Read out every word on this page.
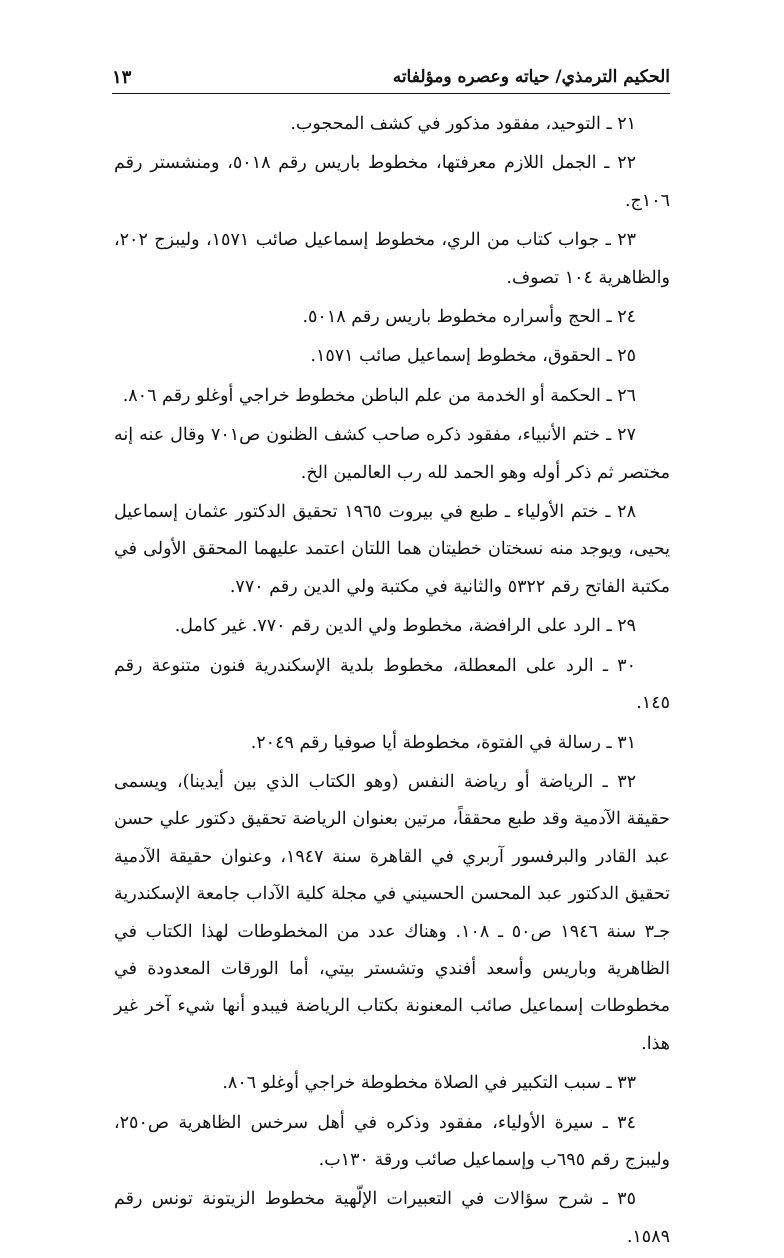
الحكيم الترمذي/ حياته وعصره ومؤلفاته
١٣
٢١ ـ التوحيد، مفقود مذكور في كشف المحجوب.
٢٢ ـ الجمل اللازم معرفتها، مخطوط باريس رقم ٥٠١٨، ومنشستر رقم ١٠٦ج.
٢٣ ـ جواب كتاب من الري، مخطوط إسماعيل صائب ١٥٧١، وليبزج ٢٠٢، والظاهرية ١٠٤ تصوف.
٢٤ ـ الحج وأسراره مخطوط باريس رقم ٥٠١٨.
٢٥ ـ الحقوق، مخطوط إسماعيل صائب ١٥٧١.
٢٦ ـ الحكمة أو الخدمة من علم الباطن مخطوط خراجي أوغلو رقم ٨٠٦.
٢٧ ـ ختم الأنبياء، مفقود ذكره صاحب كشف الظنون ص٧٠١ وقال عنه إنه مختصر ثم ذكر أوله وهو الحمد لله رب العالمين الخ.
٢٨ ـ ختم الأولياء ـ طبع في بيروت ١٩٦٥ تحقيق الدكتور عثمان إسماعيل يحيى، ويوجد منه نسختان خطيتان هما اللتان اعتمد عليهما المحقق الأولى في مكتبة الفاتح رقم ٥٣٢٢ والثانية في مكتبة ولي الدين رقم ٧٧٠.
٢٩ ـ الرد على الرافضة، مخطوط ولي الدين رقم ٧٧٠. غير كامل.
٣٠ ـ الرد على المعطلة، مخطوط بلدية الإسكندرية فنون متنوعة رقم ١٤٥.
٣١ ـ رسالة في الفتوة، مخطوطة أيا صوفيا رقم ٢٠٤٩.
٣٢ ـ الرياضة أو رياضة النفس (وهو الكتاب الذي بين أيدينا)، ويسمى حقيقة الآدمية وقد طبع محققاً، مرتين بعنوان الرياضة تحقيق دكتور علي حسن عبد القادر والبرفسور آربري في القاهرة سنة ١٩٤٧، وعنوان حقيقة الآدمية تحقيق الدكتور عبد المحسن الحسيني في مجلة كلية الآداب جامعة الإسكندرية جـ٣ سنة ١٩٤٦ ص٥٠ ـ ١٠٨. وهناك عدد من المخطوطات لهذا الكتاب في الظاهرية وباريس وأسعد أفندي وتشستر بيتي، أما الورقات المعدودة في مخطوطات إسماعيل صائب المعنونة بكتاب الرياضة فيبدو أنها شيء آخر غير هذا.
٣٣ ـ سبب التكبير في الصلاة مخطوطة خراجي أوغلو ٨٠٦.
٣٤ ـ سيرة الأولياء، مفقود وذكره في أهل سرخس الظاهرية ص٢٥٠، وليبزج رقم ٦٩٥ب وإسماعيل صائب ورقة ١٣٠ب.
٣٥ ـ شرح سؤالات في التعبيرات الإلّهية مخطوط الزيتونة تونس رقم ١٥٨٩.
